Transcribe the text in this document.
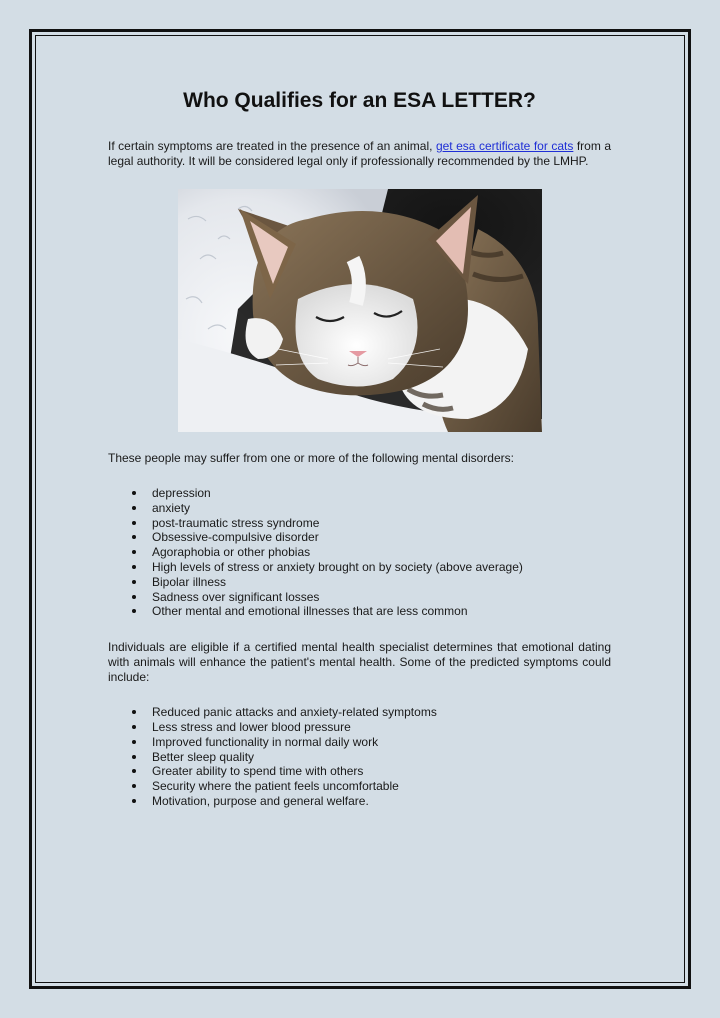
Who Qualifies for an ESA LETTER?

If certain symptoms are treated in the presence of an animal, get esa certificate for cats from a legal authority. It will be considered legal only if professionally recommended by the LMHP.

These people may suffer from one or more of the following mental disorders:

depression
anxiety
post-traumatic stress syndrome
Obsessive-compulsive disorder
Agoraphobia or other phobias
High levels of stress or anxiety brought on by society (above average)
Bipolar illness
Sadness over significant losses
Other mental and emotional illnesses that are less common

Individuals are eligible if a certified mental health specialist determines that emotional dating with animals will enhance the patient's mental health. Some of the predicted symptoms could include:

Reduced panic attacks and anxiety-related symptoms
Less stress and lower blood pressure
Improved functionality in normal daily work
Better sleep quality
Greater ability to spend time with others
Security where the patient feels uncomfortable
Motivation, purpose and general welfare.
